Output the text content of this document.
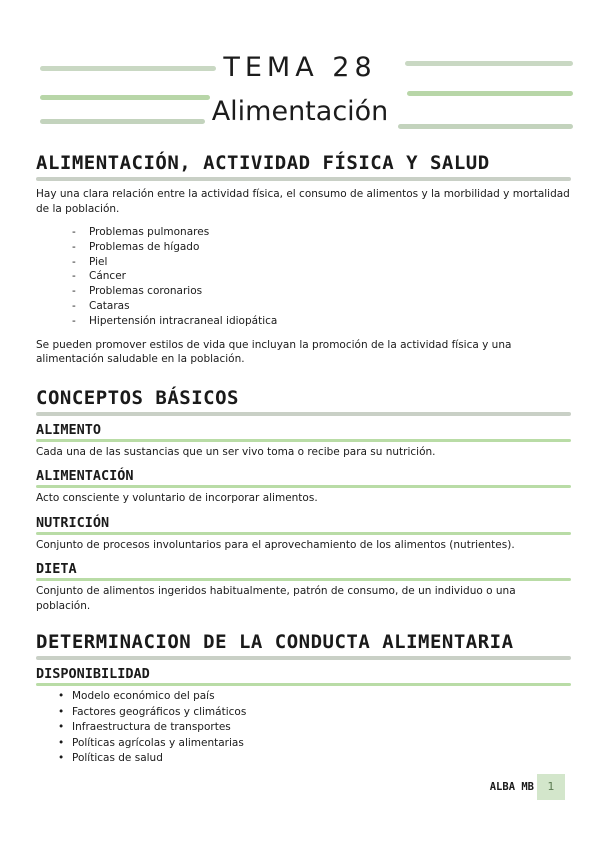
TEMA 28
Alimentación
ALIMENTACIÓN, ACTIVIDAD FÍSICA Y SALUD

Hay una clara relación entre la actividad física, el consumo de alimentos y la morbilidad y mortalidad de la población.

- Problemas pulmonares
- Problemas de hígado
- Piel
- Cáncer
- Problemas coronarios
- Cataras
- Hipertensión intracraneal idiopática

Se pueden promover estilos de vida que incluyan la promoción de la actividad física y una alimentación saludable en la población.

CONCEPTOS BÁSICOS
ALIMENTO

Cada una de las sustancias que un ser vivo toma o recibe para su nutrición.

ALIMENTACIÓN

Acto consciente y voluntario de incorporar alimentos.

NUTRICIÓN

Conjunto de procesos involuntarios para el aprovechamiento de los alimentos (nutrientes).

DIETA

Conjunto de alimentos ingeridos habitualmente, patrón de consumo, de un individuo o una población.

DETERMINACION DE LA CONDUCTA ALIMENTARIA
DISPONIBILIDAD
• Modelo económico del país
• Factores geográficos y climáticos
• Infraestructura de transportes
• Políticas agrícolas y alimentarias
• Políticas de salud
ALBA MB	1
